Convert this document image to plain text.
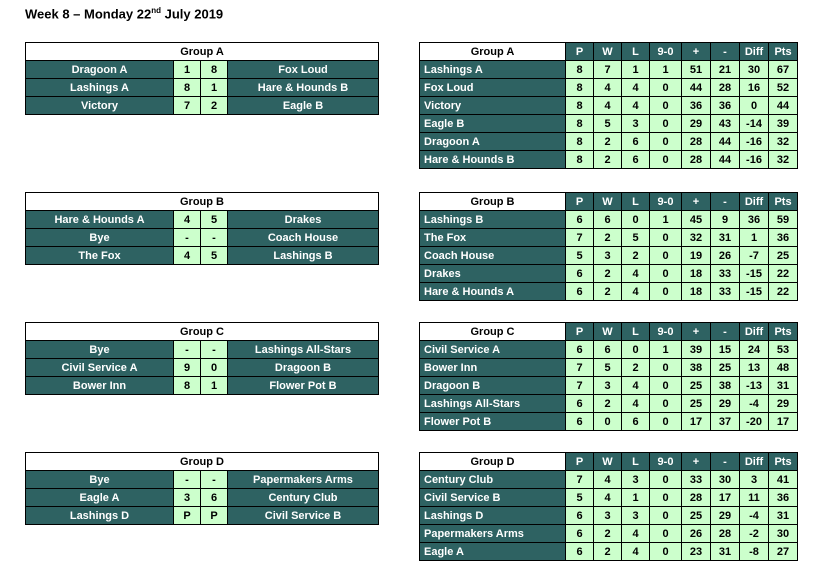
Week 8 – Monday 22nd July 2019
Group A			
Dragoon A	1	8	Fox Loud
Lashings A	8	1	Hare & Hounds B
Victory	7	2	Eagle B
Group A	P	W	L	9-0	+	-	Diff	Pts
Lashings A	8	7	1	1	51	21	30	67
Fox Loud	8	4	4	0	44	28	16	52
Victory	8	4	4	0	36	36	0	44
Eagle B	8	5	3	0	29	43	-14	39
Dragoon A	8	2	6	0	28	44	-16	32
Hare & Hounds B	8	2	6	0	28	44	-16	32
Group B			
Hare & Hounds A	4	5	Drakes
Bye	-	-	Coach House
The Fox	4	5	Lashings B
Group B	P	W	L	9-0	+	-	Diff	Pts
Lashings B	6	6	0	1	45	9	36	59
The Fox	7	2	5	0	32	31	1	36
Coach House	5	3	2	0	19	26	-7	25
Drakes	6	2	4	0	18	33	-15	22
Hare & Hounds A	6	2	4	0	18	33	-15	22
Group C			
Bye	-	-	Lashings All-Stars
Civil Service A	9	0	Dragoon B
Bower Inn	8	1	Flower Pot B
Group C	P	W	L	9-0	+	-	Diff	Pts
Civil Service A	6	6	0	1	39	15	24	53
Bower Inn	7	5	2	0	38	25	13	48
Dragoon B	7	3	4	0	25	38	-13	31
Lashings All-Stars	6	2	4	0	25	29	-4	29
Flower Pot B	6	0	6	0	17	37	-20	17
Group D			
Bye	-	-	Papermakers Arms
Eagle A	3	6	Century Club
Lashings D	P	P	Civil Service B
Group D	P	W	L	9-0	+	-	Diff	Pts
Century Club	7	4	3	0	33	30	3	41
Civil Service B	5	4	1	0	28	17	11	36
Lashings D	6	3	3	0	25	29	-4	31
Papermakers Arms	6	2	4	0	26	28	-2	30
Eagle A	6	2	4	0	23	31	-8	27
